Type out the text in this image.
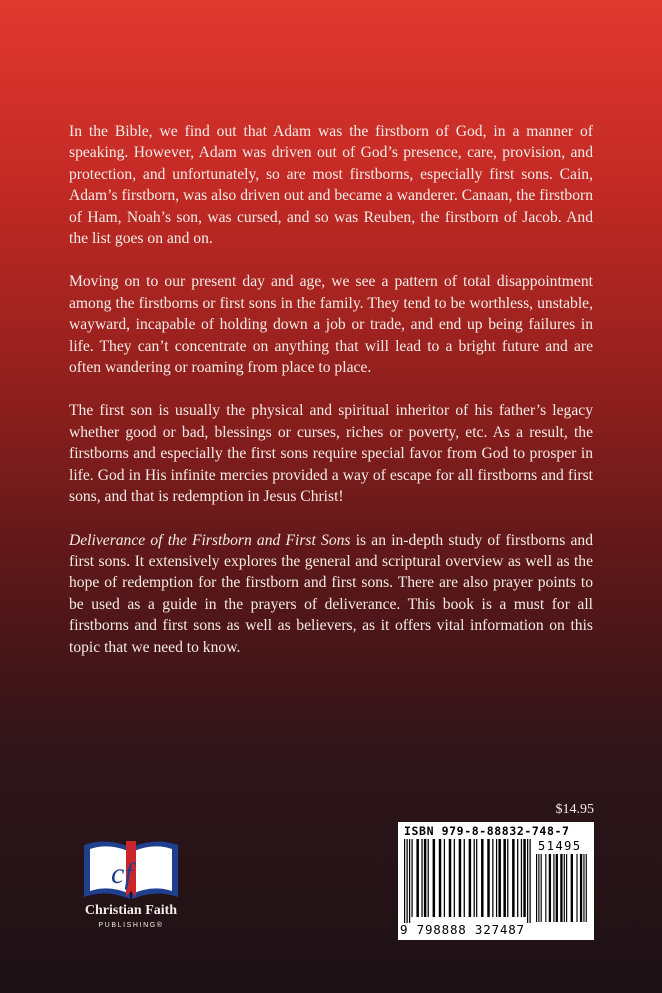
In the Bible, we find out that Adam was the firstborn of God, in a manner of speaking. However, Adam was driven out of God’s presence, care, provision, and protection, and unfortunately, so are most firstborns, especially first sons. Cain, Adam’s firstborn, was also driven out and became a wanderer. Canaan, the firstborn of Ham, Noah’s son, was cursed, and so was Reuben, the firstborn of Jacob. And the list goes on and on.

Moving on to our present day and age, we see a pattern of total disappointment among the firstborns or first sons in the family. They tend to be worthless, unstable, wayward, incapable of holding down a job or trade, and end up being failures in life. They can’t concentrate on anything that will lead to a bright future and are often wandering or roaming from place to place.

The first son is usually the physical and spiritual inheritor of his father’s legacy whether good or bad, blessings or curses, riches or poverty, etc. As a result, the firstborns and especially the first sons require special favor from God to prosper in life. God in His infinite mercies provided a way of escape for all firstborns and first sons, and that is redemption in Jesus Christ!

Deliverance of the Firstborn and First Sons is an in-depth study of firstborns and first sons. It extensively explores the general and scriptural overview as well as the hope of redemption for the firstborn and first sons. There are also prayer points to be used as a guide in the prayers of deliverance. This book is a must for all firstborns and first sons as well as believers, as it offers vital information on this topic that we need to know.

$14.95
ISBN 979-8-88832-748-7
51495
9 798888 327487
cf
Christian Faith
PUBLISHING®
